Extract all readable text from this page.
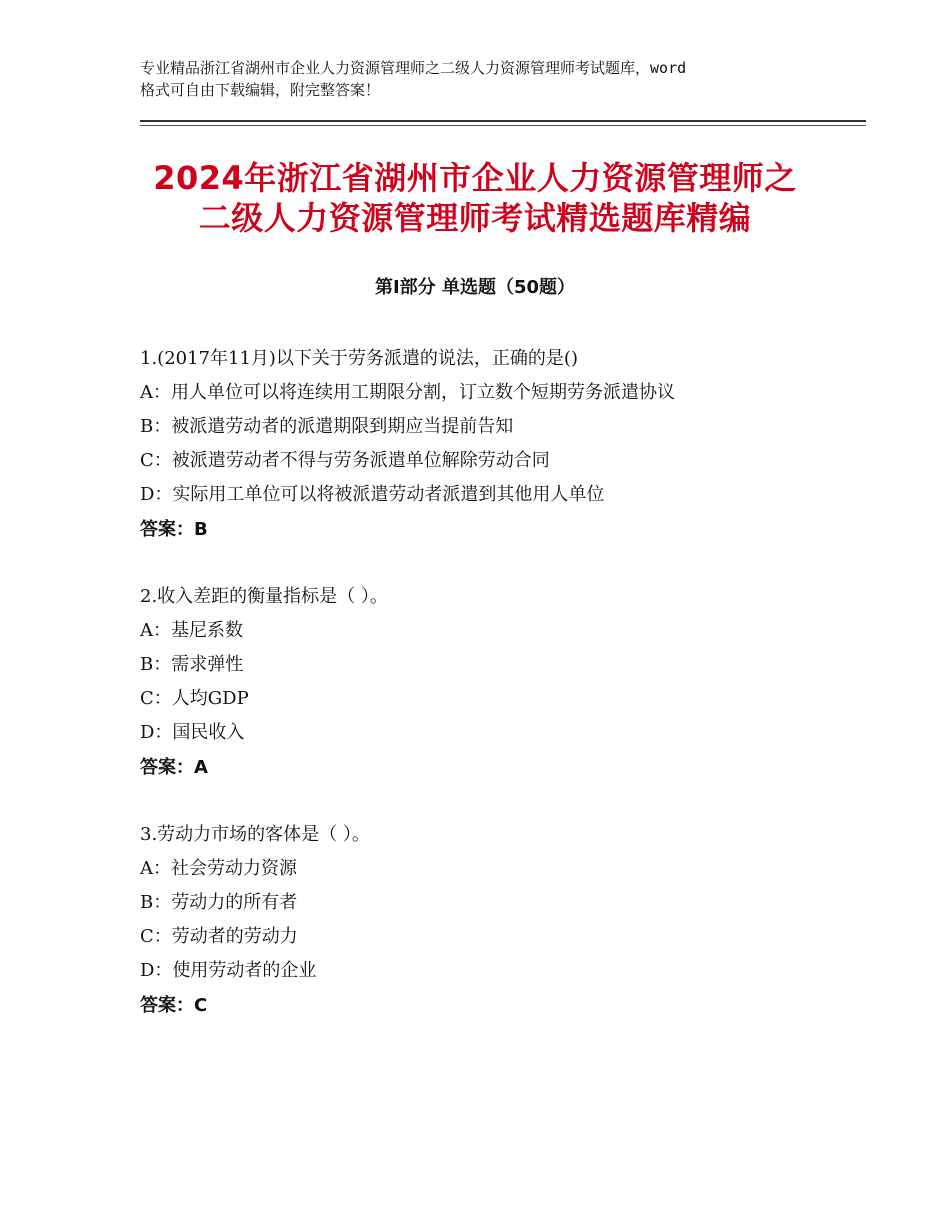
专业精品浙江省湖州市企业人力资源管理师之二级人力资源管理师考试题库，word
格式可自由下载编辑，附完整答案！
2024年浙江省湖州市企业人力资源管理师之
二级人力资源管理师考试精选题库精编
第Ⅰ部分 单选题（50题）
1.(2017年11月)以下关于劳务派遣的说法，正确的是()
A：用人单位可以将连续用工期限分割，订立数个短期劳务派遣协议
B：被派遣劳动者的派遣期限到期应当提前告知
C：被派遣劳动者不得与劳务派遣单位解除劳动合同
D：实际用工单位可以将被派遣劳动者派遣到其他用人单位
答案：B
2.收入差距的衡量指标是（ ）。
A：基尼系数
B：需求弹性
C：人均GDP
D：国民收入
答案：A
3.劳动力市场的客体是（ ）。
A：社会劳动力资源
B：劳动力的所有者
C：劳动者的劳动力
D：使用劳动者的企业
答案：C
